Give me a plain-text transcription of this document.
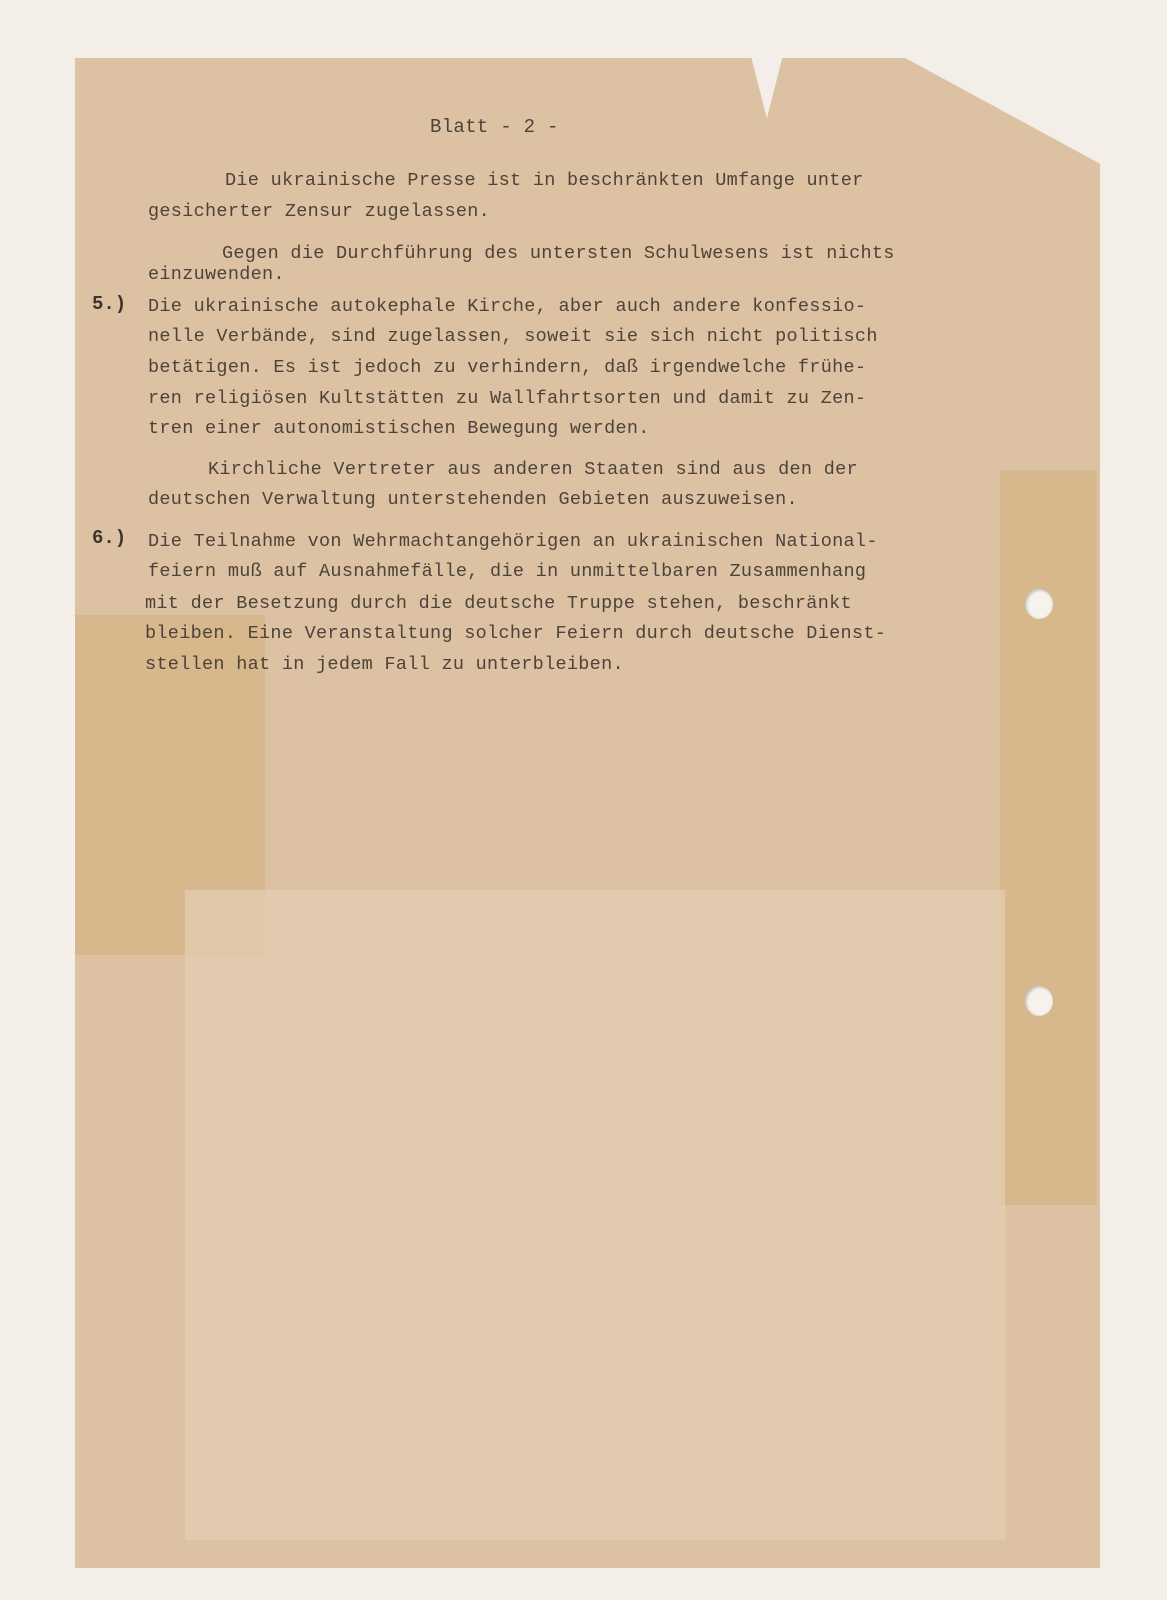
Blatt - 2 -
Die ukrainische Presse ist in beschränkten Umfange unter
gesicherter Zensur zugelassen.
Gegen die Durchführung des untersten Schulwesens ist nichts
einzuwenden.
5.) Die ukrainische autokephale Kirche, aber auch andere konfessio-
nelle Verbände, sind zugelassen, soweit sie sich nicht politisch
betätigen. Es ist jedoch zu verhindern, daß irgendwelche frühe-
ren religiösen Kultstätten zu Wallfahrtsorten und damit zu Zen-
tren einer autonomistischen Bewegung werden.
Kirchliche Vertreter aus anderen Staaten sind aus den der
deutschen Verwaltung unterstehenden Gebieten auszuweisen.
6.) Die Teilnahme von Wehrmachtangehörigen an ukrainischen National-
feiern muß auf Ausnahmefälle, die in unmittelbaren Zusammenhang
mit der Besetzung durch die deutsche Truppe stehen, beschränkt
bleiben. Eine Veranstaltung solcher Feiern durch deutsche Dienst-
stellen hat in jedem Fall zu unterbleiben.
